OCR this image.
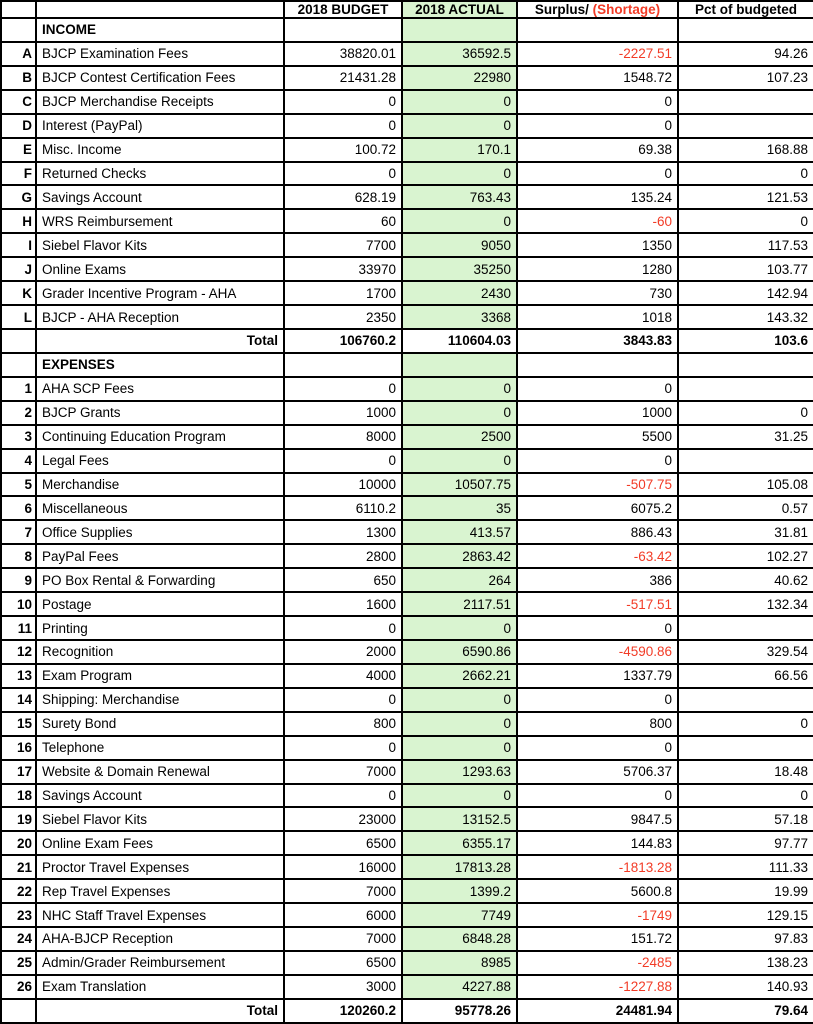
		2018 BUDGET	2018 ACTUAL	Surplus/ (Shortage)	Pct of budgeted
	INCOME				
A	BJCP Examination Fees	38820.01	36592.5	-2227.51	94.26
B	BJCP Contest Certification Fees	21431.28	22980	1548.72	107.23
C	BJCP Merchandise Receipts	0	0	0	
D	Interest (PayPal)	0	0	0	
E	Misc. Income	100.72	170.1	69.38	168.88
F	Returned Checks	0	0	0	0
G	Savings Account	628.19	763.43	135.24	121.53
H	WRS Reimbursement	60	0	-60	0
I	Siebel Flavor Kits	7700	9050	1350	117.53
J	Online Exams	33970	35250	1280	103.77
K	Grader Incentive Program - AHA	1700	2430	730	142.94
L	BJCP - AHA Reception	2350	3368	1018	143.32
	Total	106760.2	110604.03	3843.83	103.6
	EXPENSES				
1	AHA SCP Fees	0	0	0	
2	BJCP Grants	1000	0	1000	0
3	Continuing Education Program	8000	2500	5500	31.25
4	Legal Fees	0	0	0	
5	Merchandise	10000	10507.75	-507.75	105.08
6	Miscellaneous	6110.2	35	6075.2	0.57
7	Office Supplies	1300	413.57	886.43	31.81
8	PayPal Fees	2800	2863.42	-63.42	102.27
9	PO Box Rental & Forwarding	650	264	386	40.62
10	Postage	1600	2117.51	-517.51	132.34
11	Printing	0	0	0	
12	Recognition	2000	6590.86	-4590.86	329.54
13	Exam Program	4000	2662.21	1337.79	66.56
14	Shipping: Merchandise	0	0	0	
15	Surety Bond	800	0	800	0
16	Telephone	0	0	0	
17	Website & Domain Renewal	7000	1293.63	5706.37	18.48
18	Savings Account	0	0	0	0
19	Siebel Flavor Kits	23000	13152.5	9847.5	57.18
20	Online Exam Fees	6500	6355.17	144.83	97.77
21	Proctor Travel Expenses	16000	17813.28	-1813.28	111.33
22	Rep Travel Expenses	7000	1399.2	5600.8	19.99
23	NHC Staff Travel Expenses	6000	7749	-1749	129.15
24	AHA-BJCP Reception	7000	6848.28	151.72	97.83
25	Admin/Grader Reimbursement	6500	8985	-2485	138.23
26	Exam Translation	3000	4227.88	-1227.88	140.93
	Total	120260.2	95778.26	24481.94	79.64
